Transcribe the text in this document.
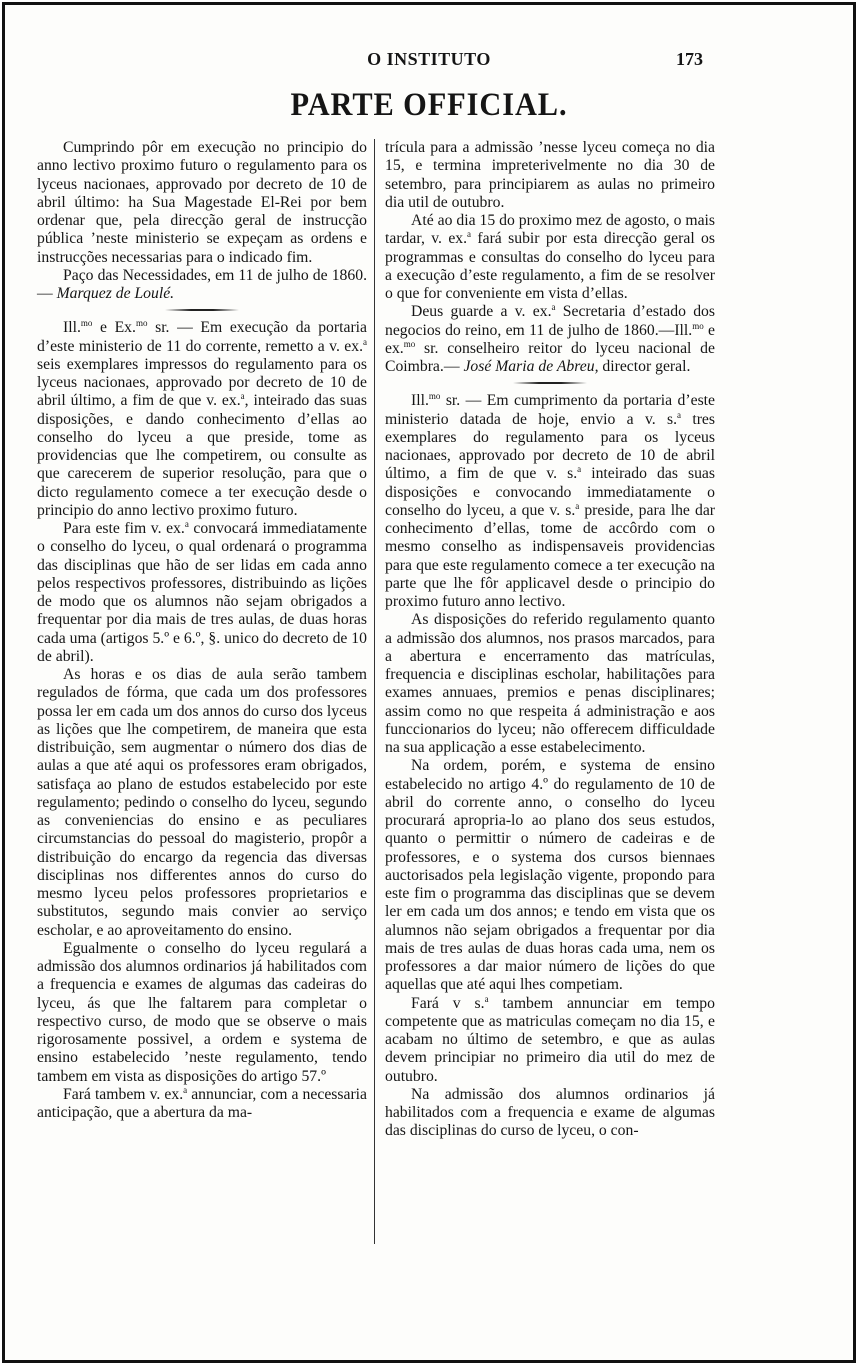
O INSTITUTO	173
PARTE OFFICIAL.

Cumprindo pôr em execução no principio do anno lectivo proximo futuro o regulamento para os lyceus nacionaes, approvado por decreto de 10 de abril último: ha Sua Magestade El-Rei por bem ordenar que, pela direcção geral de instrucção pública ’neste ministerio se expeçam as ordens e instrucções necessarias para o indicado fim.

Paço das Necessidades, em 11 de julho de 1860. — Marquez de Loulé.

Ill.$^{mo}$ e Ex.$^{mo}$ sr. — Em execução da portaria d’este ministerio de 11 do corrente, remetto a v. ex.$^a$ seis exemplares impressos do regulamento para os lyceus nacionaes, approvado por decreto de 10 de abril último, a fim de que v. ex.$^a$, inteirado das suas disposições, e dando conhecimento d’ellas ao conselho do lyceu a que preside, tome as providencias que lhe competirem, ou consulte as que carecerem de superior resolução, para que o dicto regulamento comece a ter execução desde o principio do anno lectivo proximo futuro.

Para este fim v. ex.$^a$ convocará immediatamente o conselho do lyceu, o qual ordenará o programma das disciplinas que hão de ser lidas em cada anno pelos respectivos professores, distribuindo as lições de modo que os alumnos não sejam obrigados a frequentar por dia mais de tres aulas, de duas horas cada uma (artigos 5.º e 6.º, §. unico do decreto de 10 de abril).

As horas e os dias de aula serão tambem regulados de fórma, que cada um dos professores possa ler em cada um dos annos do curso dos lyceus as lições que lhe competirem, de maneira que esta distribuição, sem augmentar o número dos dias de aulas a que até aqui os professores eram obrigados, satisfaça ao plano de estudos estabelecido por este regulamento; pedindo o conselho do lyceu, segundo as conveniencias do ensino e as peculiares circumstancias do pessoal do magisterio, propôr a distribuição do encargo da regencia das diversas disciplinas nos differentes annos do curso do mesmo lyceu pelos professores proprietarios e substitutos, segundo mais convier ao serviço escholar, e ao aproveitamento do ensino.

Egualmente o conselho do lyceu regulará a admissão dos alumnos ordinarios já habilitados com a frequencia e exames de algumas das cadeiras do lyceu, ás que lhe faltarem para completar o respectivo curso, de modo que se observe o mais rigorosamente possivel, a ordem e systema de ensino estabelecido ’neste regulamento, tendo tambem em vista as disposições do artigo 57.º

Fará tambem v. ex.$^a$ annunciar, com a necessaria anticipação, que a abertura da ma-

trícula para a admissão ’nesse lyceu começa no dia 15, e termina impreterivelmente no dia 30 de setembro, para principiarem as aulas no primeiro dia util de outubro.

Até ao dia 15 do proximo mez de agosto, o mais tardar, v. ex.$^a$ fará subir por esta direcção geral os programmas e consultas do conselho do lyceu para a execução d’este regulamento, a fim de se resolver o que for conveniente em vista d’ellas.

Deus guarde a v. ex.$^a$ Secretaria d’estado dos negocios do reino, em 11 de julho de 1860.—Ill.$^{mo}$ e ex.$^{mo}$ sr. conselheiro reitor do lyceu nacional de Coimbra.— José Maria de Abreu, director geral.

Ill.$^{mo}$ sr. — Em cumprimento da portaria d’este ministerio datada de hoje, envio a v. s.$^a$ tres exemplares do regulamento para os lyceus nacionaes, approvado por decreto de 10 de abril último, a fim de que v. s.$^a$ inteirado das suas disposições e convocando immediatamente o conselho do lyceu, a que v. s.$^a$ preside, para lhe dar conhecimento d’ellas, tome de accôrdo com o mesmo conselho as indispensaveis providencias para que este regulamento comece a ter execução na parte que lhe fôr applicavel desde o principio do proximo futuro anno lectivo.

As disposições do referido regulamento quanto a admissão dos alumnos, nos prasos marcados, para a abertura e encerramento das matrículas, frequencia e disciplinas escholar, habilitações para exames annuaes, premios e penas disciplinares; assim como no que respeita á administração e aos funccionarios do lyceu; não offerecem difficuldade na sua applicação a esse estabelecimento.

Na ordem, porém, e systema de ensino estabelecido no artigo 4.º do regulamento de 10 de abril do corrente anno, o conselho do lyceu procurará apropria-lo ao plano dos seus estudos, quanto o permittir o número de cadeiras e de professores, e o systema dos cursos biennaes auctorisados pela legislação vigente, propondo para este fim o programma das disciplinas que se devem ler em cada um dos annos; e tendo em vista que os alumnos não sejam obrigados a frequentar por dia mais de tres aulas de duas horas cada uma, nem os professores a dar maior número de lições do que aquellas que até aqui lhes competiam.

Fará v s.$^a$ tambem annunciar em tempo competente que as matriculas começam no dia 15, e acabam no último de setembro, e que as aulas devem principiar no primeiro dia util do mez de outubro.

Na admissão dos alumnos ordinarios já habilitados com a frequencia e exame de algumas das disciplinas do curso de lyceu, o con-
